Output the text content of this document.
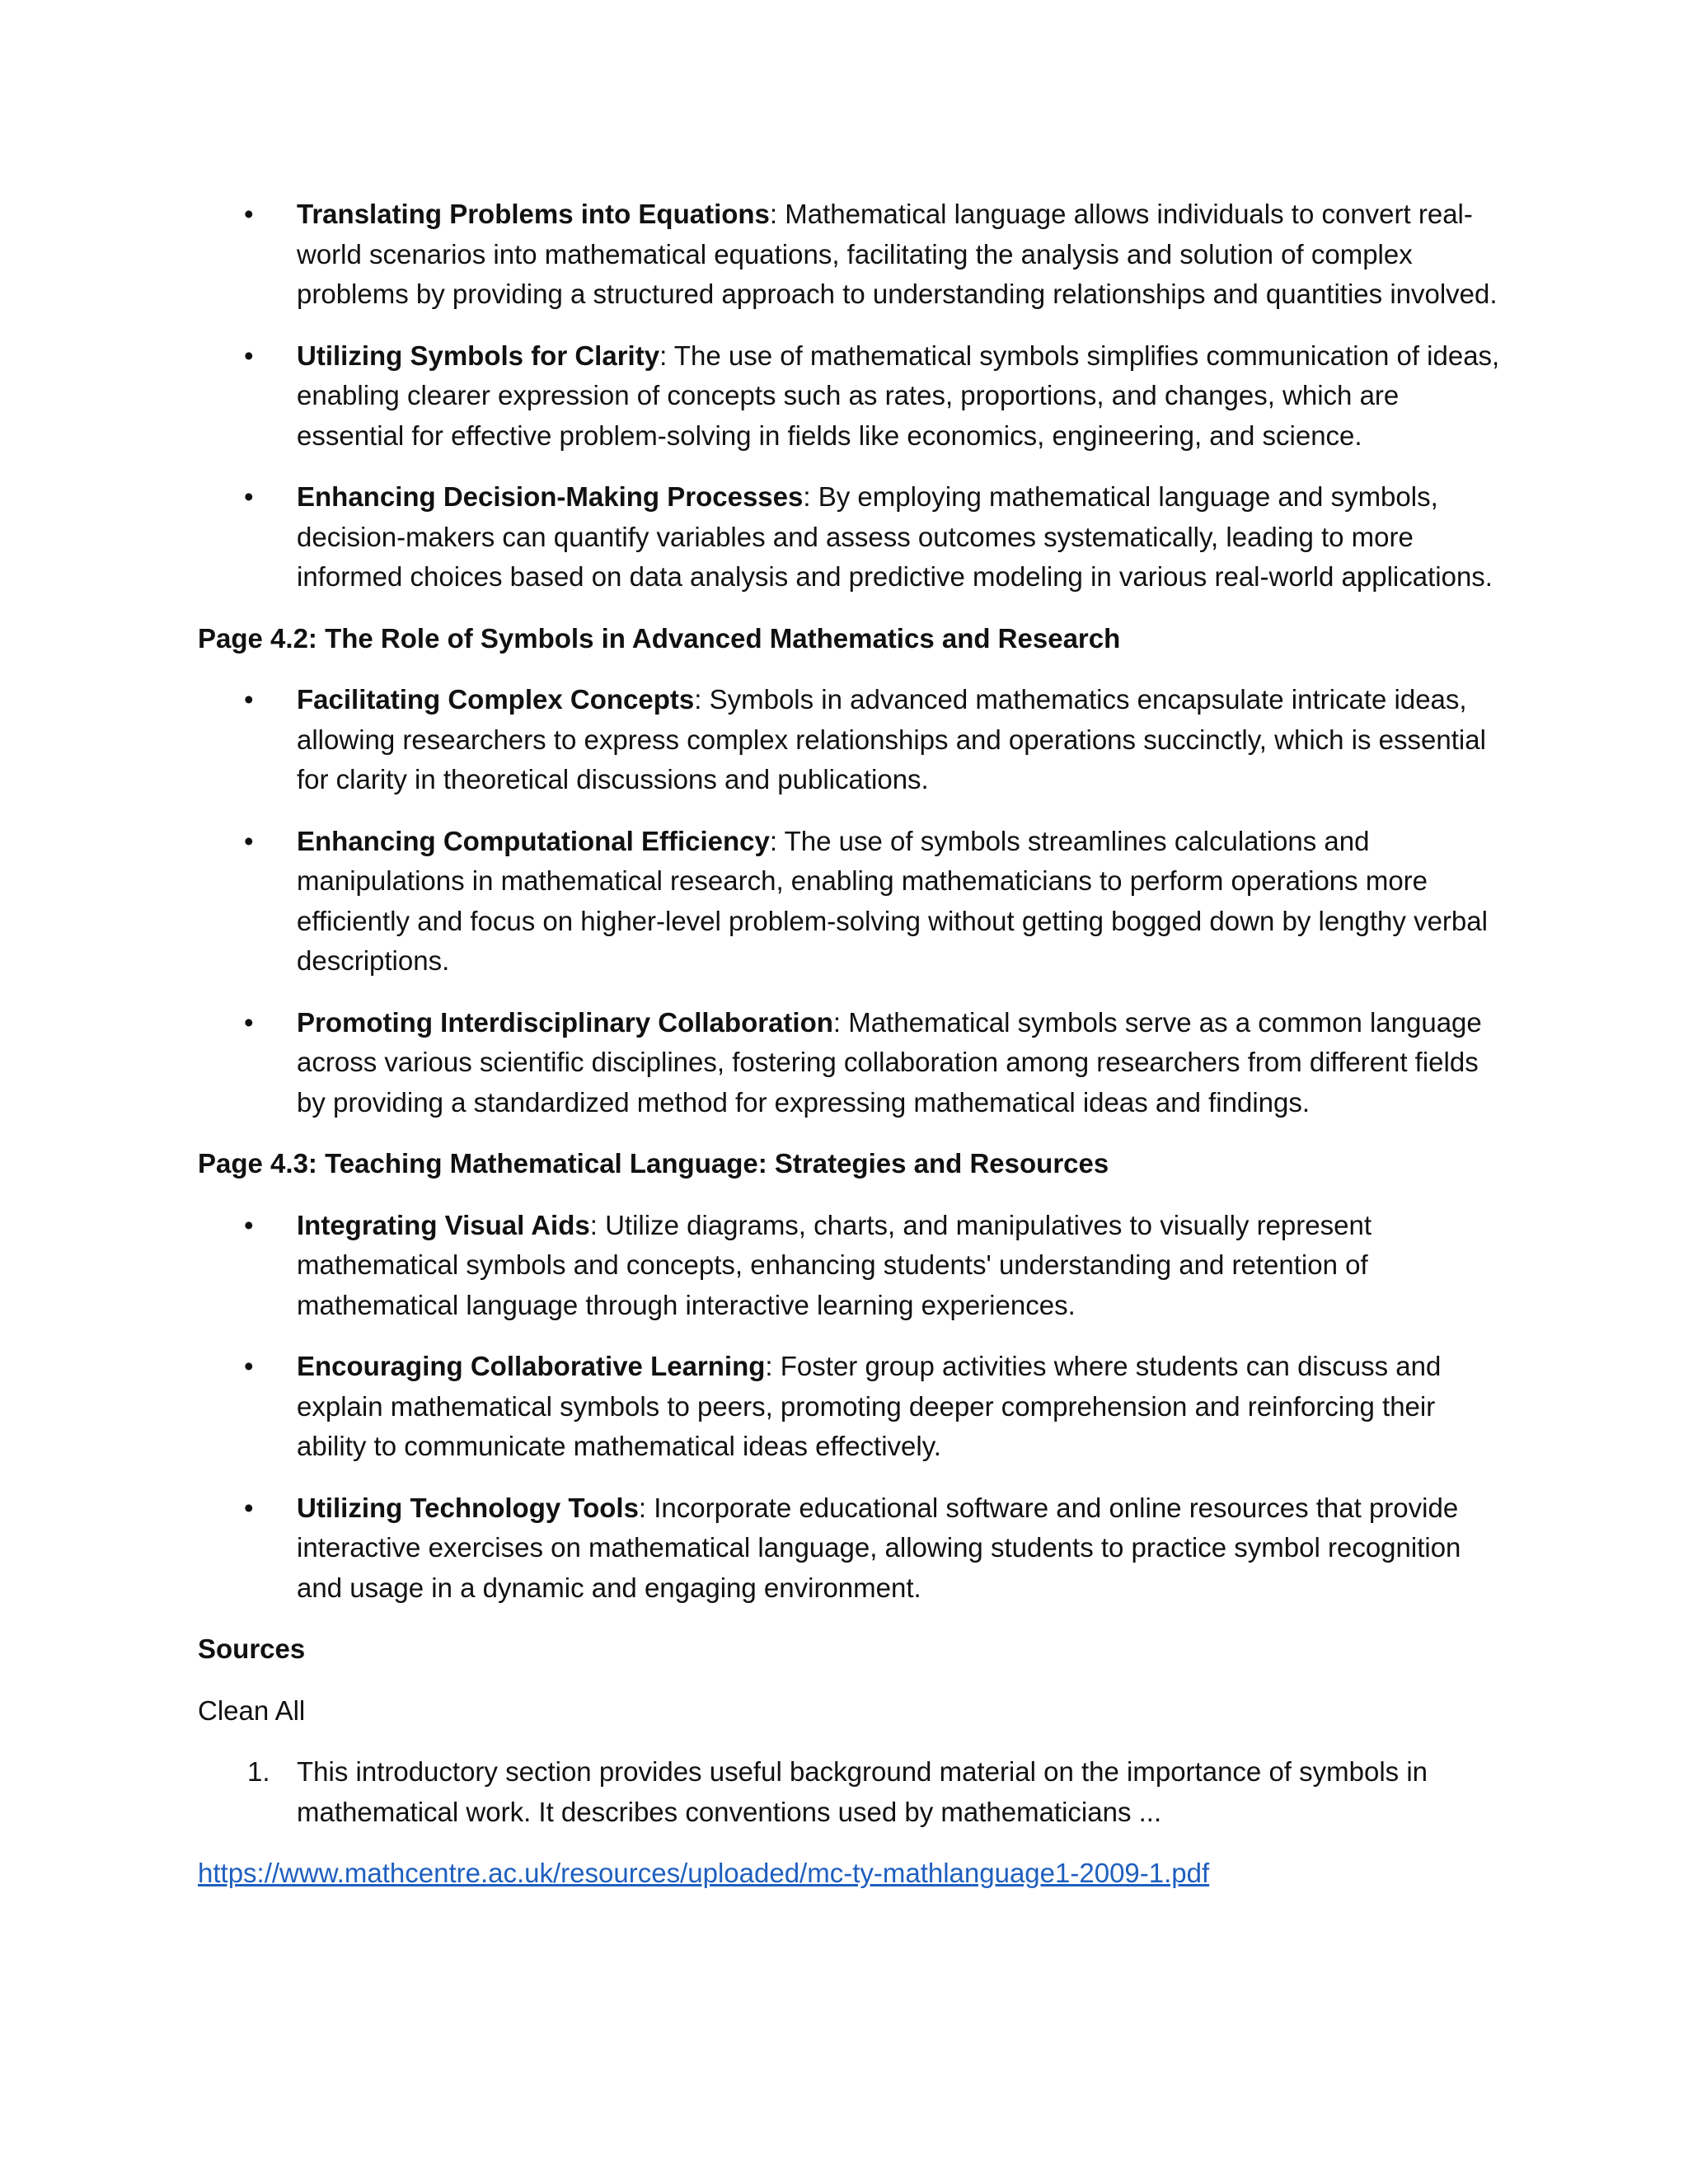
• Translating Problems into Equations: Mathematical language allows individuals to convert real-world scenarios into mathematical equations, facilitating the analysis and solution of complex problems by providing a structured approach to understanding relationships and quantities involved.
• Utilizing Symbols for Clarity: The use of mathematical symbols simplifies communication of ideas, enabling clearer expression of concepts such as rates, proportions, and changes, which are essential for effective problem-solving in fields like economics, engineering, and science.
• Enhancing Decision-Making Processes: By employing mathematical language and symbols, decision-makers can quantify variables and assess outcomes systematically, leading to more informed choices based on data analysis and predictive modeling in various real-world applications.
Page 4.2: The Role of Symbols in Advanced Mathematics and Research
• Facilitating Complex Concepts: Symbols in advanced mathematics encapsulate intricate ideas, allowing researchers to express complex relationships and operations succinctly, which is essential for clarity in theoretical discussions and publications.
• Enhancing Computational Efficiency: The use of symbols streamlines calculations and manipulations in mathematical research, enabling mathematicians to perform operations more efficiently and focus on higher-level problem-solving without getting bogged down by lengthy verbal descriptions.
• Promoting Interdisciplinary Collaboration: Mathematical symbols serve as a common language across various scientific disciplines, fostering collaboration among researchers from different fields by providing a standardized method for expressing mathematical ideas and findings.
Page 4.3: Teaching Mathematical Language: Strategies and Resources
• Integrating Visual Aids: Utilize diagrams, charts, and manipulatives to visually represent mathematical symbols and concepts, enhancing students' understanding and retention of mathematical language through interactive learning experiences.
• Encouraging Collaborative Learning: Foster group activities where students can discuss and explain mathematical symbols to peers, promoting deeper comprehension and reinforcing their ability to communicate mathematical ideas effectively.
• Utilizing Technology Tools: Incorporate educational software and online resources that provide interactive exercises on mathematical language, allowing students to practice symbol recognition and usage in a dynamic and engaging environment.
Sources
Clean All
1. This introductory section provides useful background material on the importance of symbols in mathematical work. It describes conventions used by mathematicians ...
https://www.mathcentre.ac.uk/resources/uploaded/mc-ty-mathlanguage1-2009-1.pdf
